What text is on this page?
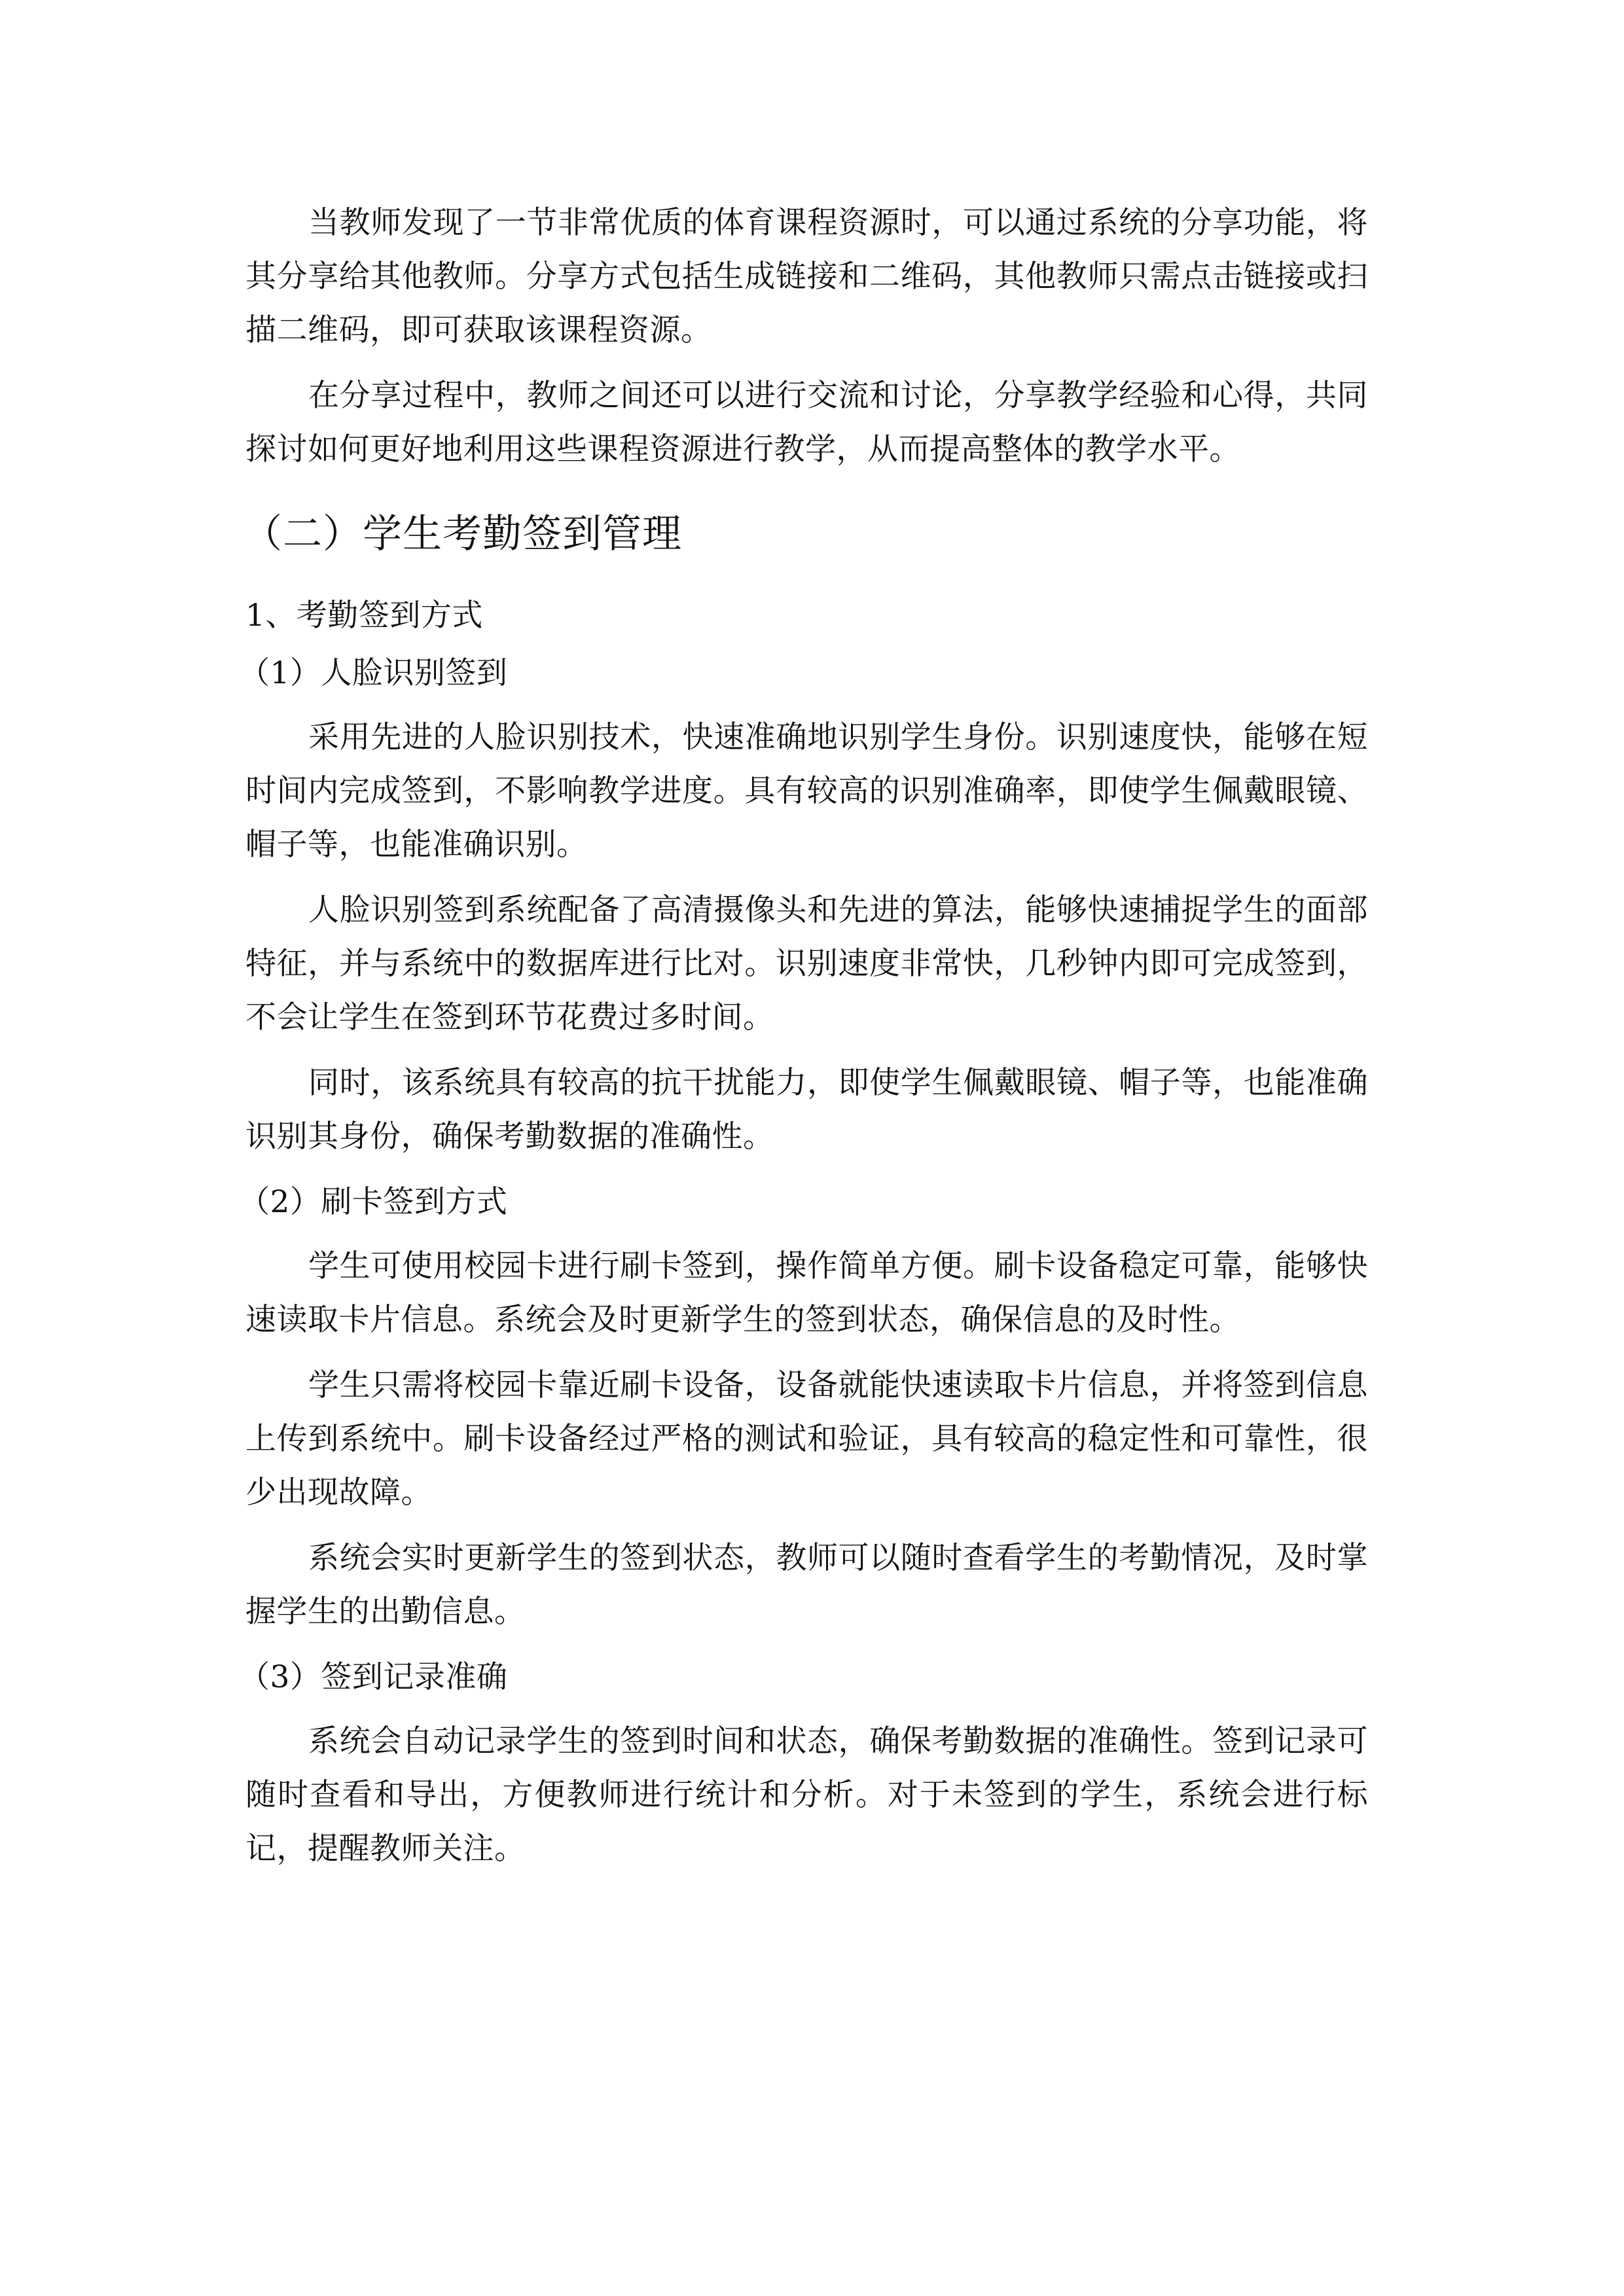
当教师发现了一节非常优质的体育课程资源时，可以通过系统的分享功能，将其分享给其他教师。分享方式包括生成链接和二维码，其他教师只需点击链接或扫描二维码，即可获取该课程资源。

在分享过程中，教师之间还可以进行交流和讨论，分享教学经验和心得，共同探讨如何更好地利用这些课程资源进行教学，从而提高整体的教学水平。

（二）学生考勤签到管理

1、考勤签到方式

（1）人脸识别签到

采用先进的人脸识别技术，快速准确地识别学生身份。识别速度快，能够在短时间内完成签到，不影响教学进度。具有较高的识别准确率，即使学生佩戴眼镜、帽子等，也能准确识别。

人脸识别签到系统配备了高清摄像头和先进的算法，能够快速捕捉学生的面部特征，并与系统中的数据库进行比对。识别速度非常快，几秒钟内即可完成签到，不会让学生在签到环节花费过多时间。

同时，该系统具有较高的抗干扰能力，即使学生佩戴眼镜、帽子等，也能准确识别其身份，确保考勤数据的准确性。

（2）刷卡签到方式

学生可使用校园卡进行刷卡签到，操作简单方便。刷卡设备稳定可靠，能够快速读取卡片信息。系统会及时更新学生的签到状态，确保信息的及时性。

学生只需将校园卡靠近刷卡设备，设备就能快速读取卡片信息，并将签到信息上传到系统中。刷卡设备经过严格的测试和验证，具有较高的稳定性和可靠性，很少出现故障。

系统会实时更新学生的签到状态，教师可以随时查看学生的考勤情况，及时掌握学生的出勤信息。

（3）签到记录准确

系统会自动记录学生的签到时间和状态，确保考勤数据的准确性。签到记录可随时查看和导出，方便教师进行统计和分析。对于未签到的学生，系统会进行标记，提醒教师关注。
